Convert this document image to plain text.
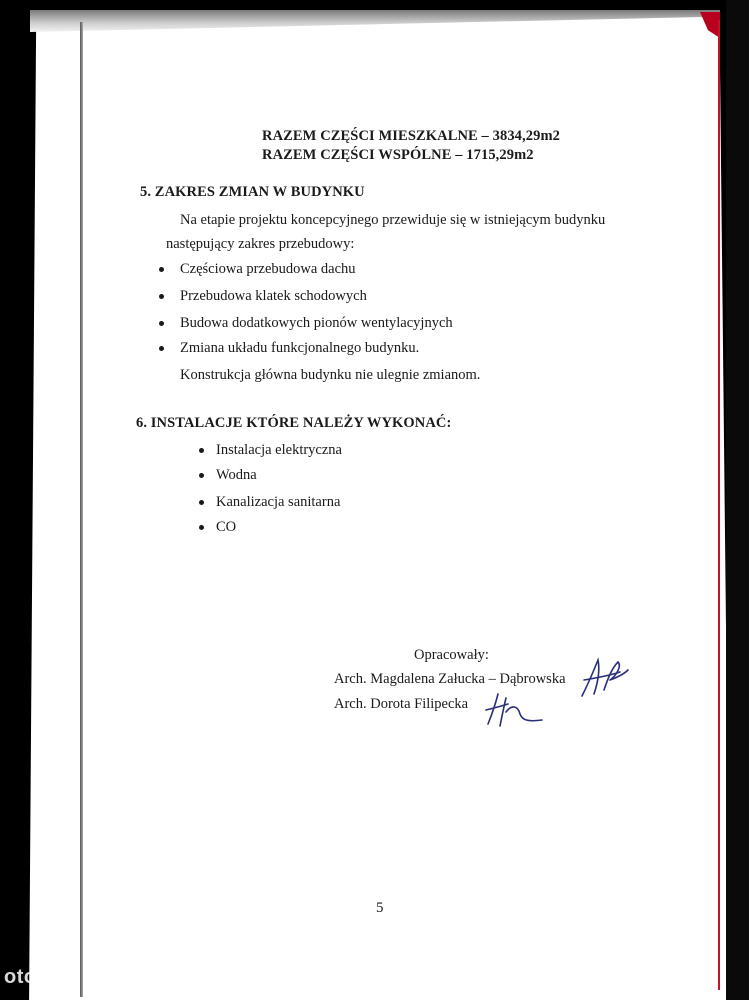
RAZEM CZĘŚCI MIESZKALNE – 3834,29m2
RAZEM CZĘŚCI WSPÓLNE – 1715,29m2
5. ZAKRES ZMIAN W BUDYNKU
Na etapie projektu koncepcyjnego przewiduje się w istniejącym budynku
następujący zakres przebudowy:
Częściowa przebudowa dachu
Przebudowa klatek schodowych
Budowa dodatkowych pionów wentylacyjnych
Zmiana układu funkcjonalnego budynku.
Konstrukcja główna budynku nie ulegnie zmianom.
6. INSTALACJE KTÓRE NALEŻY WYKONAĆ:
Instalacja elektryczna
Wodna
Kanalizacja sanitarna
CO
Opracowały:
Arch. Magdalena Załucka – Dąbrowska
Arch. Dorota Filipecka
5
otodom
